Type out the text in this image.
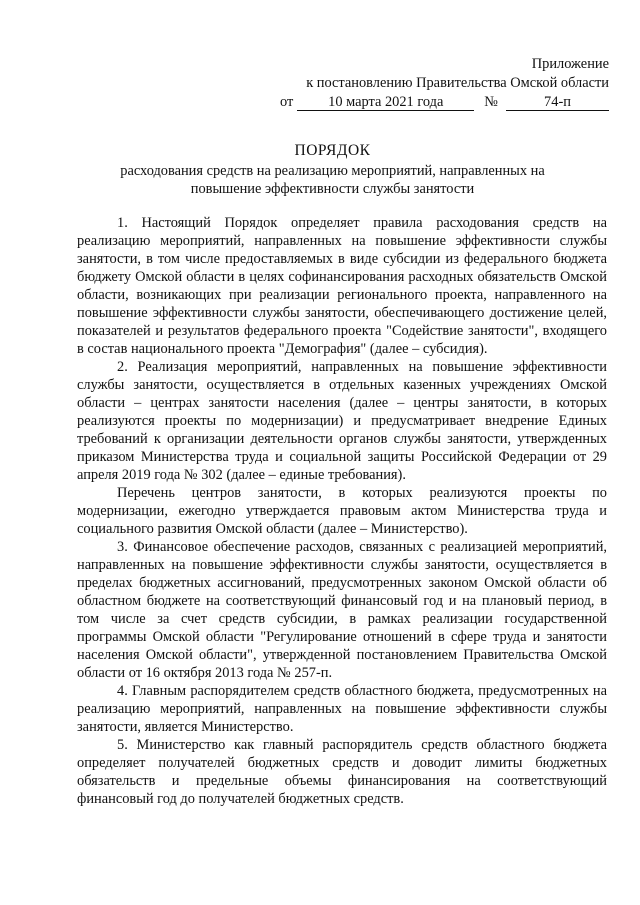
Приложение
к постановлению Правительства Омской области
от	10 марта 2021 года	№	74-п
ПОРЯДОК
расходования средств на реализацию мероприятий, направленных на
повышение эффективности службы занятости

1. Настоящий Порядок определяет правила расходования средств на реализацию мероприятий, направленных на повышение эффективности службы занятости, в том числе предоставляемых в виде субсидии из федерального бюджета бюджету Омской области в целях софинансирования расходных обязательств Омской области, возникающих при реализации регионального проекта, направленного на повышение эффективности службы занятости, обеспечивающего достижение целей, показателей и результатов федерального проекта "Содействие занятости", входящего в состав национального проекта "Демография" (далее – субсидия).

2. Реализация мероприятий, направленных на повышение эффективности службы занятости, осуществляется в отдельных казенных учреждениях Омской области – центрах занятости населения (далее – центры занятости, в которых реализуются проекты по модернизации) и предусматривает внедрение Единых требований к организации деятельности органов службы занятости, утвержденных приказом Министерства труда и социальной защиты Российской Федерации от 29 апреля 2019 года № 302 (далее – единые требования).

Перечень центров занятости, в которых реализуются проекты по модернизации, ежегодно утверждается правовым актом Министерства труда и социального развития Омской области (далее – Министерство).

3. Финансовое обеспечение расходов, связанных с реализацией мероприятий, направленных на повышение эффективности службы занятости, осуществляется в пределах бюджетных ассигнований, предусмотренных законом Омской области об областном бюджете на соответствующий финансовый год и на плановый период, в том числе за счет средств субсидии, в рамках реализации государственной программы Омской области "Регулирование отношений в сфере труда и занятости населения Омской области", утвержденной постановлением Правительства Омской области от 16 октября 2013 года № 257-п.

4. Главным распорядителем средств областного бюджета, предусмотренных на реализацию мероприятий, направленных на повышение эффективности службы занятости, является Министерство.

5. Министерство как главный распорядитель средств областного бюджета определяет получателей бюджетных средств и доводит лимиты бюджетных обязательств и предельные объемы финансирования на соответствующий финансовый год до получателей бюджетных средств.
